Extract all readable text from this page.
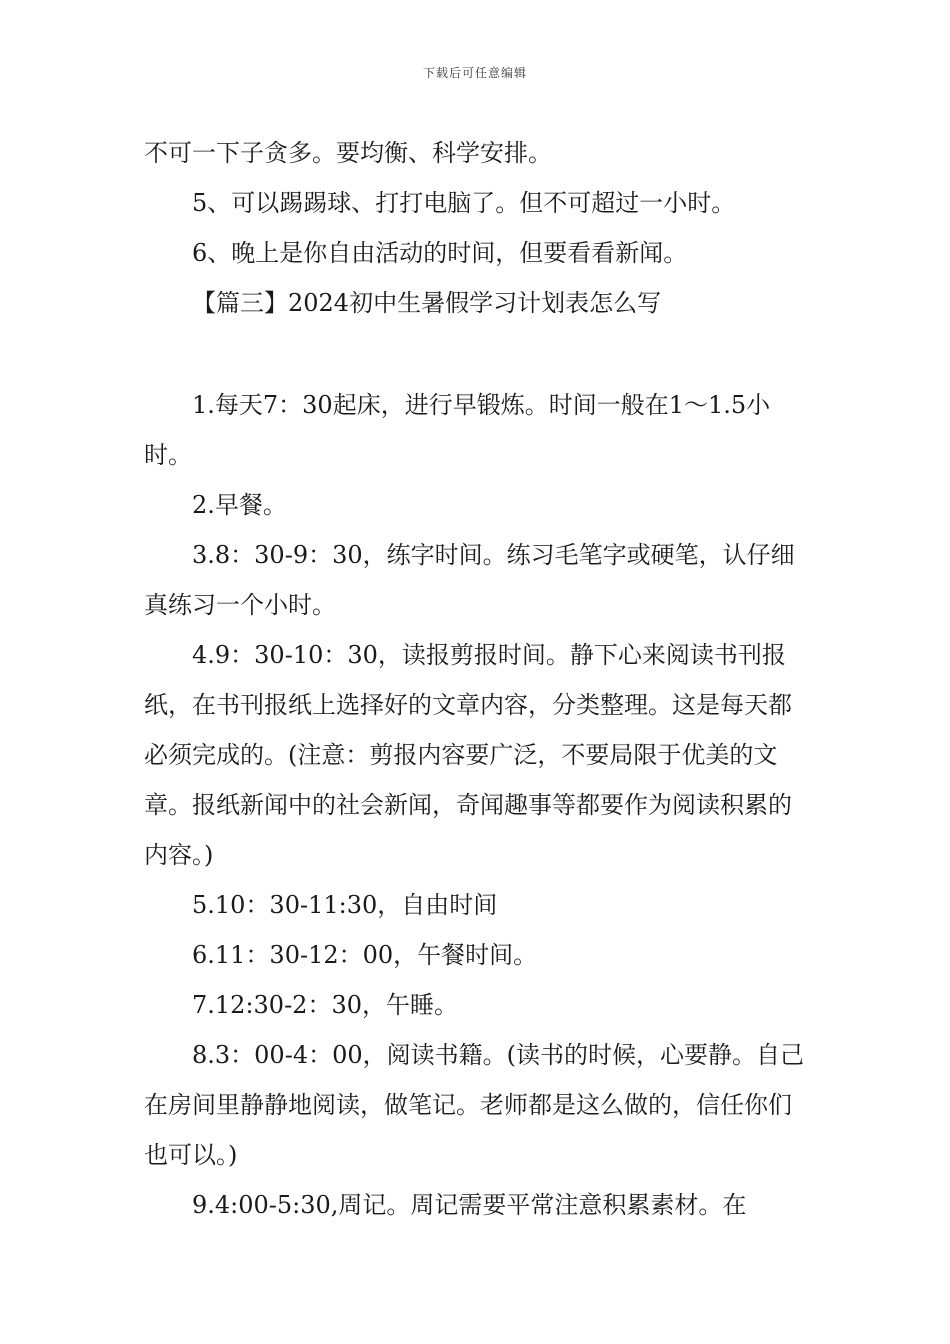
下载后可任意编辑

不可一下子贪多。要均衡、科学安排。

5、可以踢踢球、打打电脑了。但不可超过一小时。

6、晚上是你自由活动的时间，但要看看新闻。

【篇三】2024初中生暑假学习计划表怎么写

1.每天7：30起床，进行早锻炼。时间一般在1～1.5小时。

2.早餐。

3.8：30-9：30，练字时间。练习毛笔字或硬笔，认仔细真练习一个小时。

4.9：30-10：30，读报剪报时间。静下心来阅读书刊报纸，在书刊报纸上选择好的文章内容，分类整理。这是每天都必须完成的。(注意：剪报内容要广泛，不要局限于优美的文章。报纸新闻中的社会新闻，奇闻趣事等都要作为阅读积累的内容。)

5.10：30-11:30，自由时间

6.11：30-12：00，午餐时间。

7.12:30-2：30，午睡。

8.3：00-4：00，阅读书籍。(读书的时候，心要静。自己在房间里静静地阅读，做笔记。老师都是这么做的，信任你们也可以。)

9.4:00-5:30,周记。周记需要平常注意积累素材。在
